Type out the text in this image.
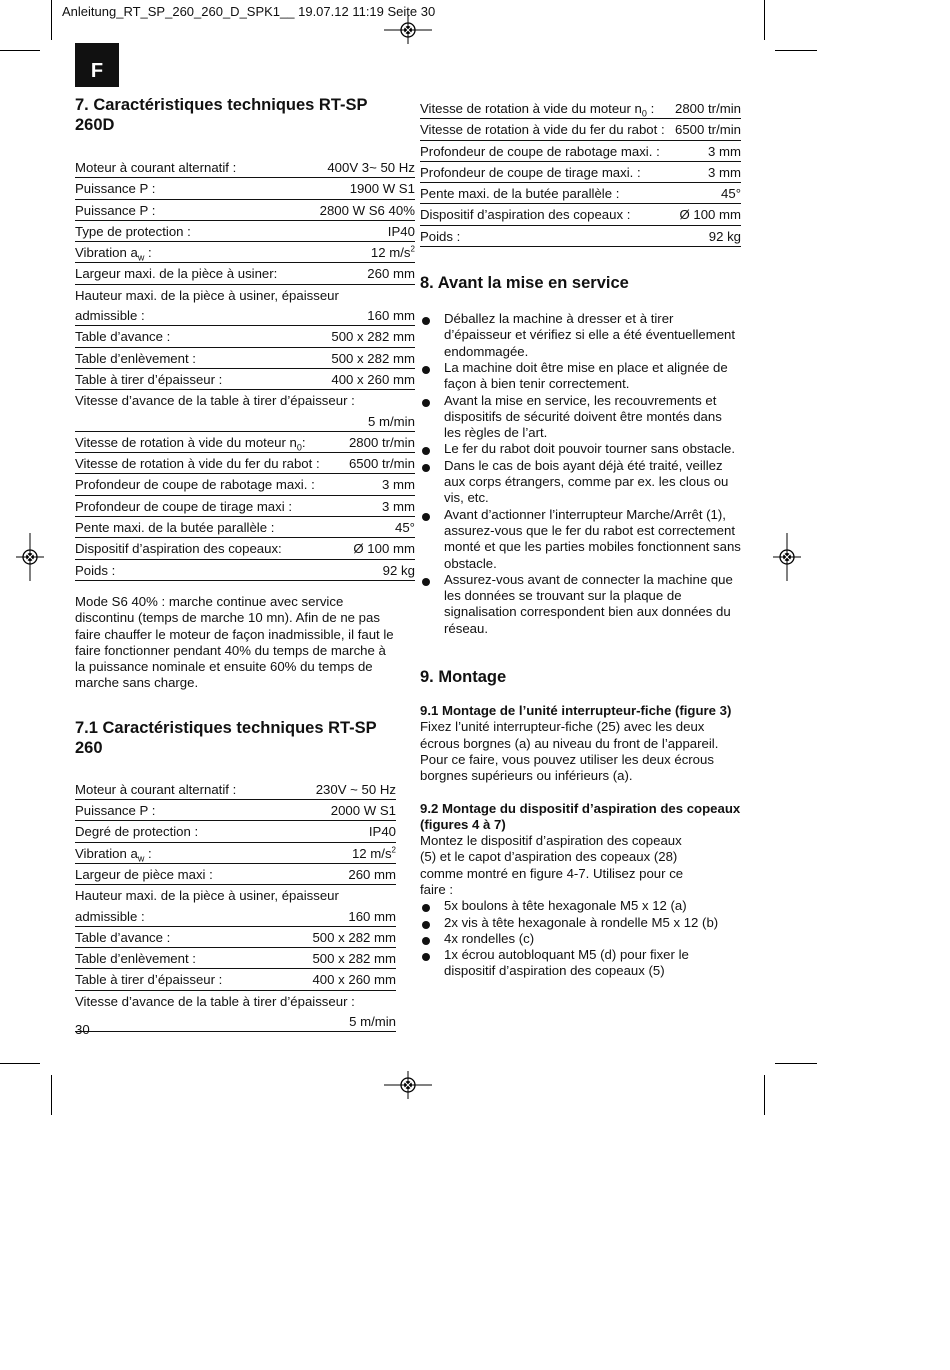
Anleitung_RT_SP_260_260_D_SPK1__ 19.07.12 11:19 Seite 30
F
7. Caractéristiques techniques RT-SP 260D
Moteur à courant alternatif :	400V 3~ 50 Hz
Puissance P :	1900 W S1
Puissance P :	2800 W S6 40%
Type de protection :	IP40
Vibration $a_w$ :	12 $m/s^2$
Largeur maxi. de la pièce à usiner:	260 mm
Hauteur maxi. de la pièce à usiner, épaisseur	
admissible :	160 mm
Table d’avance :	500 x 282 mm
Table d’enlèvement :	500 x 282 mm
Table à tirer d’épaisseur :	400 x 260 mm
Vitesse d’avance de la table à tirer d’épaisseur :	
	5 m/min
Vitesse de rotation à vide du moteur $n_0$:	2800 tr/min
Vitesse de rotation à vide du fer du rabot :	6500 tr/min
Profondeur de coupe de rabotage maxi. :	3 mm
Profondeur de coupe de tirage maxi :	3 mm
Pente maxi. de la butée parallèle :	45°
Dispositif d’aspiration des copeaux:	Ø 100 mm
Poids :	92 kg

Mode S6 40% : marche continue avec service discontinu (temps de marche 10 mn). Afin de ne pas faire chauffer le moteur de façon inadmissible, il faut le faire fonctionner pendant 40% du temps de marche à la puissance nominale et ensuite 60% du temps de marche sans charge.

7.1 Caractéristiques techniques RT-SP 260
Moteur à courant alternatif :	230V ~ 50 Hz
Puissance P :	2000 W S1
Degré de protection :	IP40
Vibration $a_w$ :	12 $m/s^2$
Largeur de pièce maxi :	260 mm
Hauteur maxi. de la pièce à usiner, épaisseur	
admissible :	160 mm
Table d’avance :	500 x 282 mm
Table d’enlèvement :	500 x 282 mm
Table à tirer d’épaisseur :	400 x 260 mm
Vitesse d’avance de la table à tirer d’épaisseur :	
	5 m/min
Vitesse de rotation à vide du moteur $n_0$ :	2800 tr/min
Vitesse de rotation à vide du fer du rabot :	6500 tr/min
Profondeur de coupe de rabotage maxi. :	3 mm
Profondeur de coupe de tirage maxi. :	3 mm
Pente maxi. de la butée parallèle :	45°
Dispositif d’aspiration des copeaux :	Ø 100 mm
Poids :	92 kg
8. Avant la mise en service
Déballez la machine à dresser et à tirer d’épaisseur et vérifiez si elle a été éventuellement endommagée.
La machine doit être mise en place et alignée de façon à bien tenir correctement.
Avant la mise en service, les recouvrements et dispositifs de sécurité doivent être montés dans les règles de l’art.
Le fer du rabot doit pouvoir tourner sans obstacle.
Dans le cas de bois ayant déjà été traité, veillez aux corps étrangers, comme par ex. les clous ou vis, etc.
Avant d’actionner l’interrupteur Marche/Arrêt (1), assurez-vous que le fer du rabot est correctement monté et que les parties mobiles fonctionnent sans obstacle.
Assurez-vous avant de connecter la machine que les données se trouvant sur la plaque de signalisation correspondent bien aux données du réseau.
9. Montage
9.1 Montage de l’unité interrupteur-fiche (figure 3)

Fixez l’unité interrupteur-fiche (25) avec les deux écrous borgnes (a) au niveau du front de l’appareil. Pour ce faire, vous pouvez utiliser les deux écrous borgnes supérieurs ou inférieurs (a).

9.2 Montage du dispositif d’aspiration des copeaux (figures 4 à 7)

Montez le dispositif d’aspiration des copeaux (5) et le capot d’aspiration des copeaux (28) comme montré en figure 4-7. Utilisez pour ce faire :

5x boulons à tête hexagonale M5 x 12 (a)
2x vis à tête hexagonale à rondelle M5 x 12 (b)
4x rondelles (c)
1x écrou autobloquant M5 (d) pour fixer le dispositif d’aspiration des copeaux (5)
30
